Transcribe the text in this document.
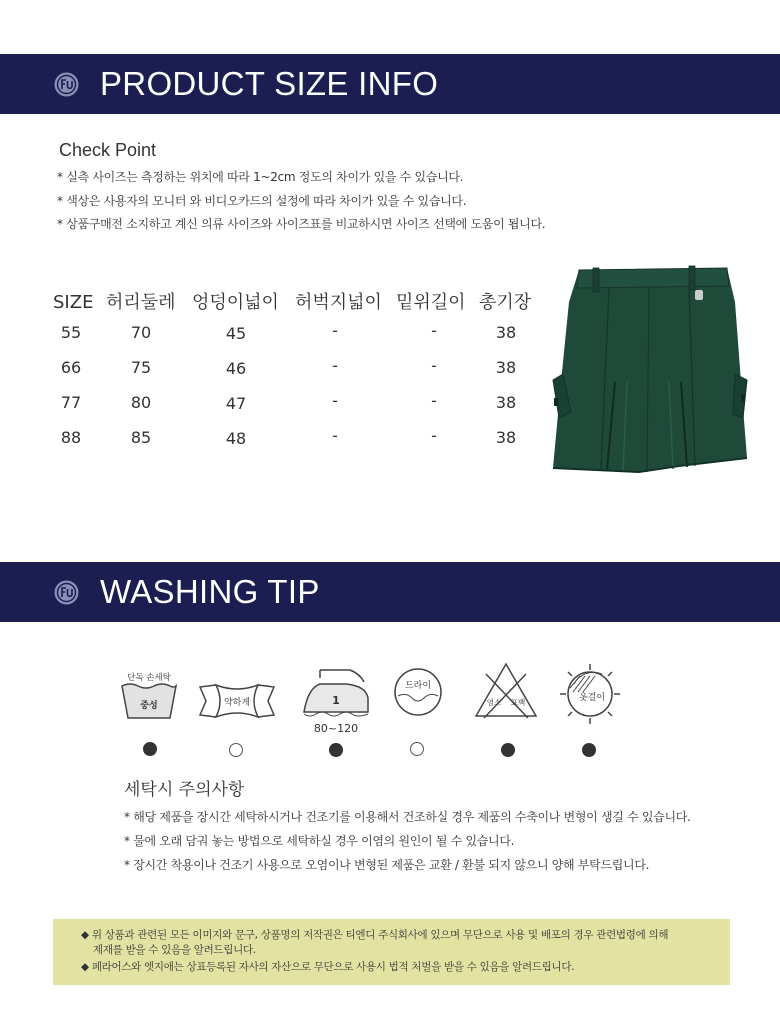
PRODUCT SIZE INFO
Check Point
* 실측 사이즈는 측정하는 위치에 따라 1~2cm 정도의 차이가 있을 수 있습니다.
* 색상은 사용자의 모니터 와 비디오카드의 설정에 따라 차이가 있을 수 있습니다.
* 상품구매전 소지하고 계신 의류 사이즈와 사이즈표를 비교하시면 사이즈 선택에 도움이 됩니다.
SIZE 허리둘레 엉덩이넓이 허벅지넓이 밑위길이 총기장
55	70	45	-	-	38
66	75	46	-	-	38
77	80	47	-	-	38
88	85	48	-	-	38
WASHING TIP
단독 손세탁
중성	약하게	1
80~120
드라이
염소 표백	옷걸이
세탁시 주의사항
* 해당 제품을 장시간 세탁하시거나 건조기를 이용해서 건조하실 경우 제품의 수축이나 변형이 생길 수 있습니다.
* 물에 오래 담궈 놓는 방법으로 세탁하실 경우 이염의 원인이 될 수 있습니다.
* 장시간 착용이나 건조기 사용으로 오염이나 변형된 제품은 교환 / 환불 되지 않으니 양해 부탁드립니다.
◆ 위 상품과 관련된 모든 이미지와 문구, 상품명의 저작권은 티엔디 주식회사에 있으며 무단으로 사용 및 배포의 경우 관련법령에 의해
제재를 받을 수 있음을 알려드립니다.
◆ 페라어스와 엣지애는 상표등록된 자사의 자산으로 무단으로 사용시 법적 처벌을 받을 수 있음을 알려드립니다.
